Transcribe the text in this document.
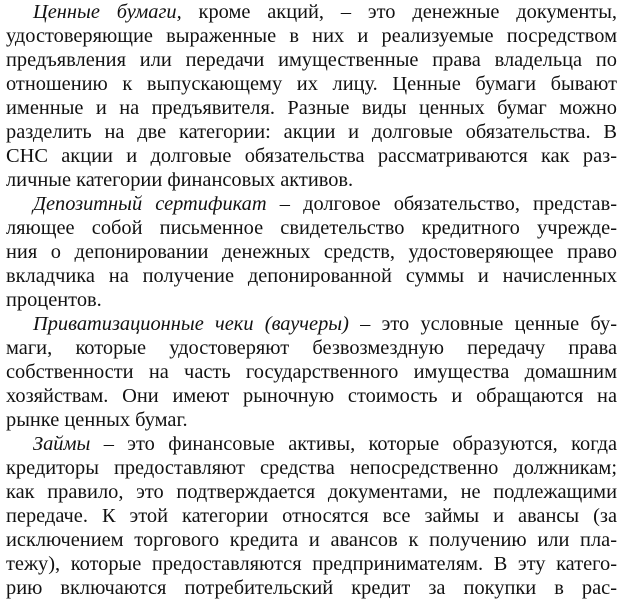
Ценные бумаги, кроме акций, – это денежные документы,
удостоверяющие выраженные в них и реализуемые посредством
предъявления или передачи имущественные права владельца по
отношению к выпускающему их лицу. Ценные бумаги бывают
именные и на предъявителя. Разные виды ценных бумаг можно
разделить на две категории: акции и долговые обязательства. В
СНС акции и долговые обязательства рассматриваются как раз-
личные категории финансовых активов.
Депозитный сертификат – долговое обязательство, представ-
ляющее собой письменное свидетельство кредитного учрежде-
ния о депонировании денежных средств, удостоверяющее право
вкладчика на получение депонированной суммы и начисленных
процентов.
Приватизационные чеки (ваучеры) – это условные ценные бу-
маги, которые удостоверяют безвозмездную передачу права
собственности на часть государственного имущества домашним
хозяйствам. Они имеют рыночную стоимость и обращаются на
рынке ценных бумаг.
Займы – это финансовые активы, которые образуются, когда
кредиторы предоставляют средства непосредственно должникам;
как правило, это подтверждается документами, не подлежащими
передаче. К этой категории относятся все займы и авансы (за
исключением торгового кредита и авансов к получению или пла-
тежу), которые предоставляются предпринимателям. В эту катего-
рию включаются потребительский кредит за покупки в рас-
